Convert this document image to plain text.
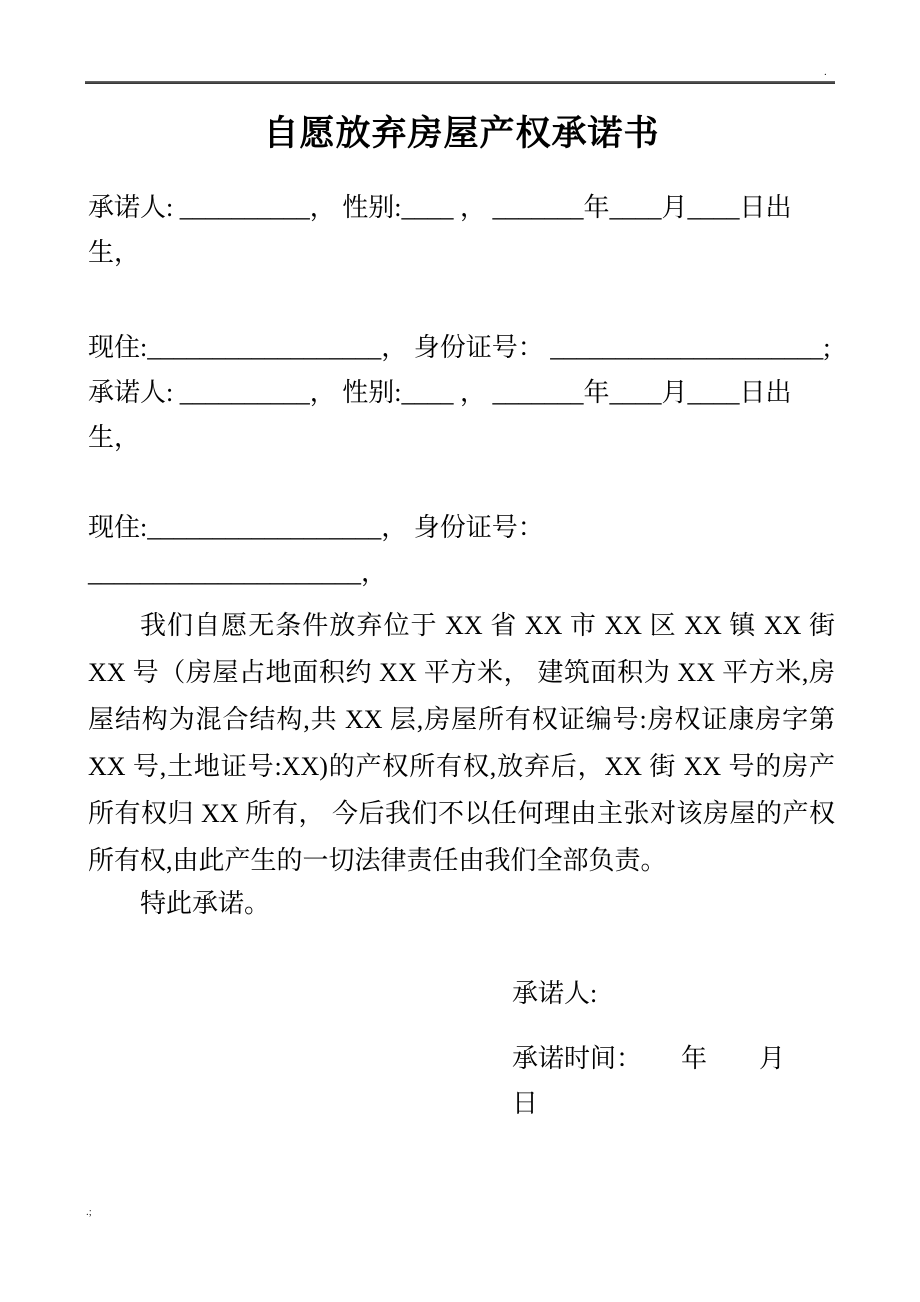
.
自愿放弃房屋产权承诺书

承诺人: __________， 性别:____ ， _______年____月____日出生，

现住:__________________， 身份证号： _____________________;

承诺人: __________， 性别:____ ， _______年____月____日出生，

现住:__________________， 身份证号： _____________________，

我们自愿无条件放弃位于 XX 省 XX 市 XX 区 XX 镇 XX 街 XX 号（房屋占地面积约 XX 平方米， 建筑面积为 XX 平方米,房屋结构为混合结构,共 XX 层,房屋所有权证编号:房权证康房字第 XX 号,土地证号:XX)的产权所有权,放弃后，XX 街 XX 号的房产所有权归 XX 所有， 今后我们不以任何理由主张对该房屋的产权所有权,由此产生的一切法律责任由我们全部负责。

特此承诺。

承诺人:

承诺时间：　　年　　月　　日

.;
